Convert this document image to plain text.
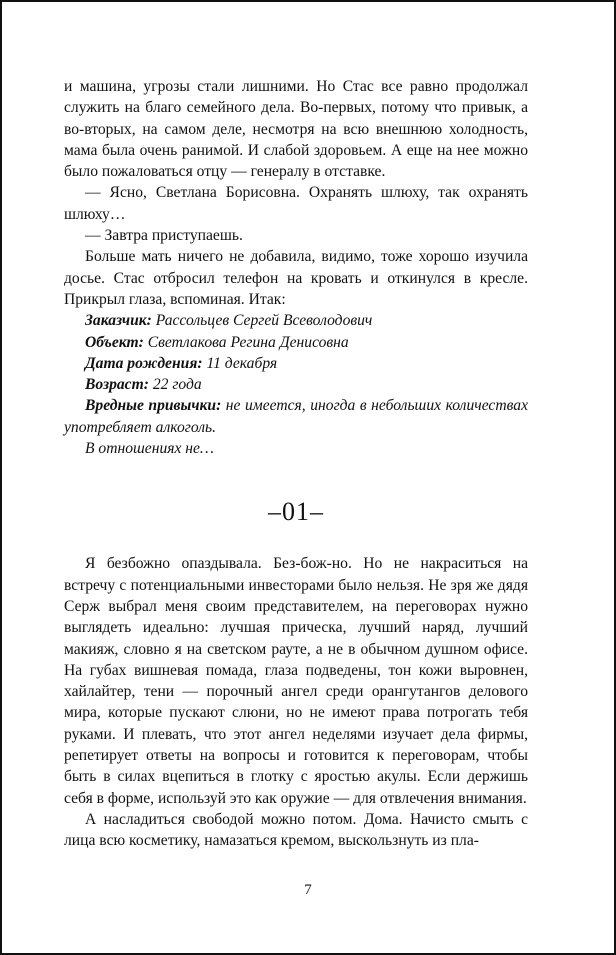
и машина, угрозы стали лишними. Но Стас все равно продолжал служить на благо семейного дела. Во-первых, потому что привык, а во-вторых, на самом деле, несмотря на всю внешнюю холодность, мама была очень ранимой. И слабой здоровьем. А еще на нее можно было пожаловаться отцу — генералу в отставке.

— Ясно, Светлана Борисовна. Охранять шлюху, так охранять шлюху…

— Завтра приступаешь.

Больше мать ничего не добавила, видимо, тоже хорошо изучила досье. Стас отбросил телефон на кровать и откинулся в кресле. Прикрыл глаза, вспоминая. Итак:

Заказчик: Рассольцев Сергей Всеволодович

Объект: Светлакова Регина Денисовна

Дата рождения: 11 декабря

Возраст: 22 года

Вредные привычки: не имеется, иногда в небольших количествах употребляет алкоголь.

В отношениях не…

–01–

Я безбожно опаздывала. Без-бож-но. Но не накраситься на встречу с потенциальными инвесторами было нельзя. Не зря же дядя Серж выбрал меня своим представителем, на переговорах нужно выглядеть идеально: лучшая прическа, лучший наряд, лучший макияж, словно я на светском рауте, а не в обычном душном офисе. На губах вишневая помада, глаза подведены, тон кожи выровнен, хайлайтер, тени — порочный ангел среди орангутангов делового мира, которые пускают слюни, но не имеют права потрогать тебя руками. И плевать, что этот ангел неделями изучает дела фирмы, репетирует ответы на вопросы и готовится к переговорам, чтобы быть в силах вцепиться в глотку с яростью акулы. Если держишь себя в форме, используй это как оружие — для отвлечения внимания.

А насладиться свободой можно потом. Дома. Начисто смыть с лица всю косметику, намазаться кремом, выскользнуть из пла-

7
